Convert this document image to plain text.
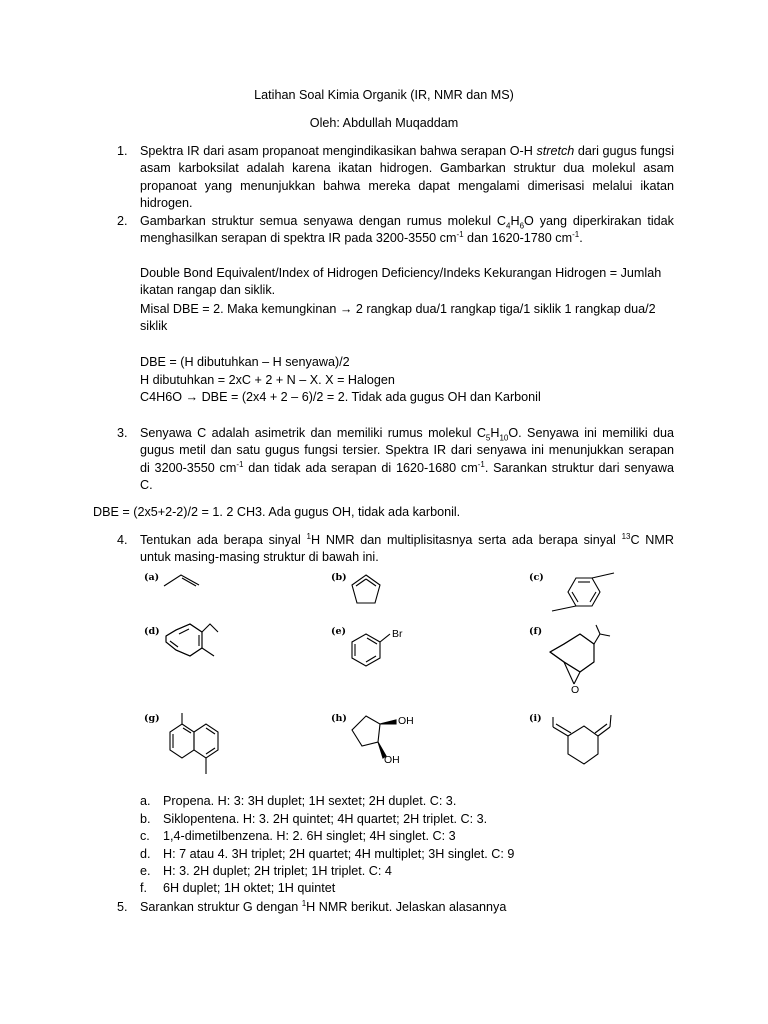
Latihan Soal Kimia Organik (IR, NMR dan MS)
Oleh: Abdullah Muqaddam
1. Spektra IR dari asam propanoat mengindikasikan bahwa serapan O-H stretch dari gugus fungsi asam karboksilat adalah karena ikatan hidrogen. Gambarkan struktur dua molekul asam propanoat yang menunjukkan bahwa mereka dapat mengalami dimerisasi melalui ikatan hidrogen.
2. Gambarkan struktur semua senyawa dengan rumus molekul $C_4H_6O$ yang diperkirakan tidak
menghasilkan serapan di spektra IR pada 3200-3550 $cm^{-1}$ dan 1620-1780 $cm^{-1}$.
Double Bond Equivalent/Index of Hidrogen Deficiency/Indeks Kekurangan Hidrogen = Jumlah ikatan rangap dan siklik.
Misal DBE = 2. Maka kemungkinan → 2 rangkap dua/1 rangkap tiga/1 siklik 1 rangkap dua/2 siklik
DBE = (H dibutuhkan – H senyawa)/2
H dibutuhkan = 2xC + 2 + N – X. X = Halogen
C4H6O → DBE = (2x4 + 2 – 6)/2 = 2. Tidak ada gugus OH dan Karbonil
3. Senyawa C adalah asimetrik dan memiliki rumus molekul $C_5H_{10}O$. Senyawa ini memiliki dua
gugus metil dan satu gugus fungsi tersier. Spektra IR dari senyawa ini menunjukkan serapan
di 3200-3550 $cm^{-1}$ dan tidak ada serapan di 1620-1680 $cm^{-1}$. Sarankan struktur dari senyawa
C.
DBE = (2x5+2-2)/2 = 1. 2 CH3. Ada gugus OH, tidak ada karbonil.
4. Tentukan ada berapa sinyal $^1$H NMR dan multiplisitasnya serta ada berapa sinyal $^{13}$C NMR
untuk masing-masing struktur di bawah ini.
(a)	(b)	(c)
(d)	(e)	(f)
(g)	(h)	(i)
Br
O
OH
OH
a. Propena. H: 3: 3H duplet; 1H sextet; 2H duplet. C: 3.
b. Siklopentena. H: 3. 2H quintet; 4H quartet; 2H triplet. C: 3.
c. 1,4-dimetilbenzena. H: 2. 6H singlet; 4H singlet. C: 3
d. H: 7 atau 4. 3H triplet; 2H quartet; 4H multiplet; 3H singlet. C: 9
e. H: 3. 2H duplet; 2H triplet; 1H triplet. C: 4
f. 6H duplet; 1H oktet; 1H quintet
5. Sarankan struktur G dengan $^1$H NMR berikut. Jelaskan alasannya
